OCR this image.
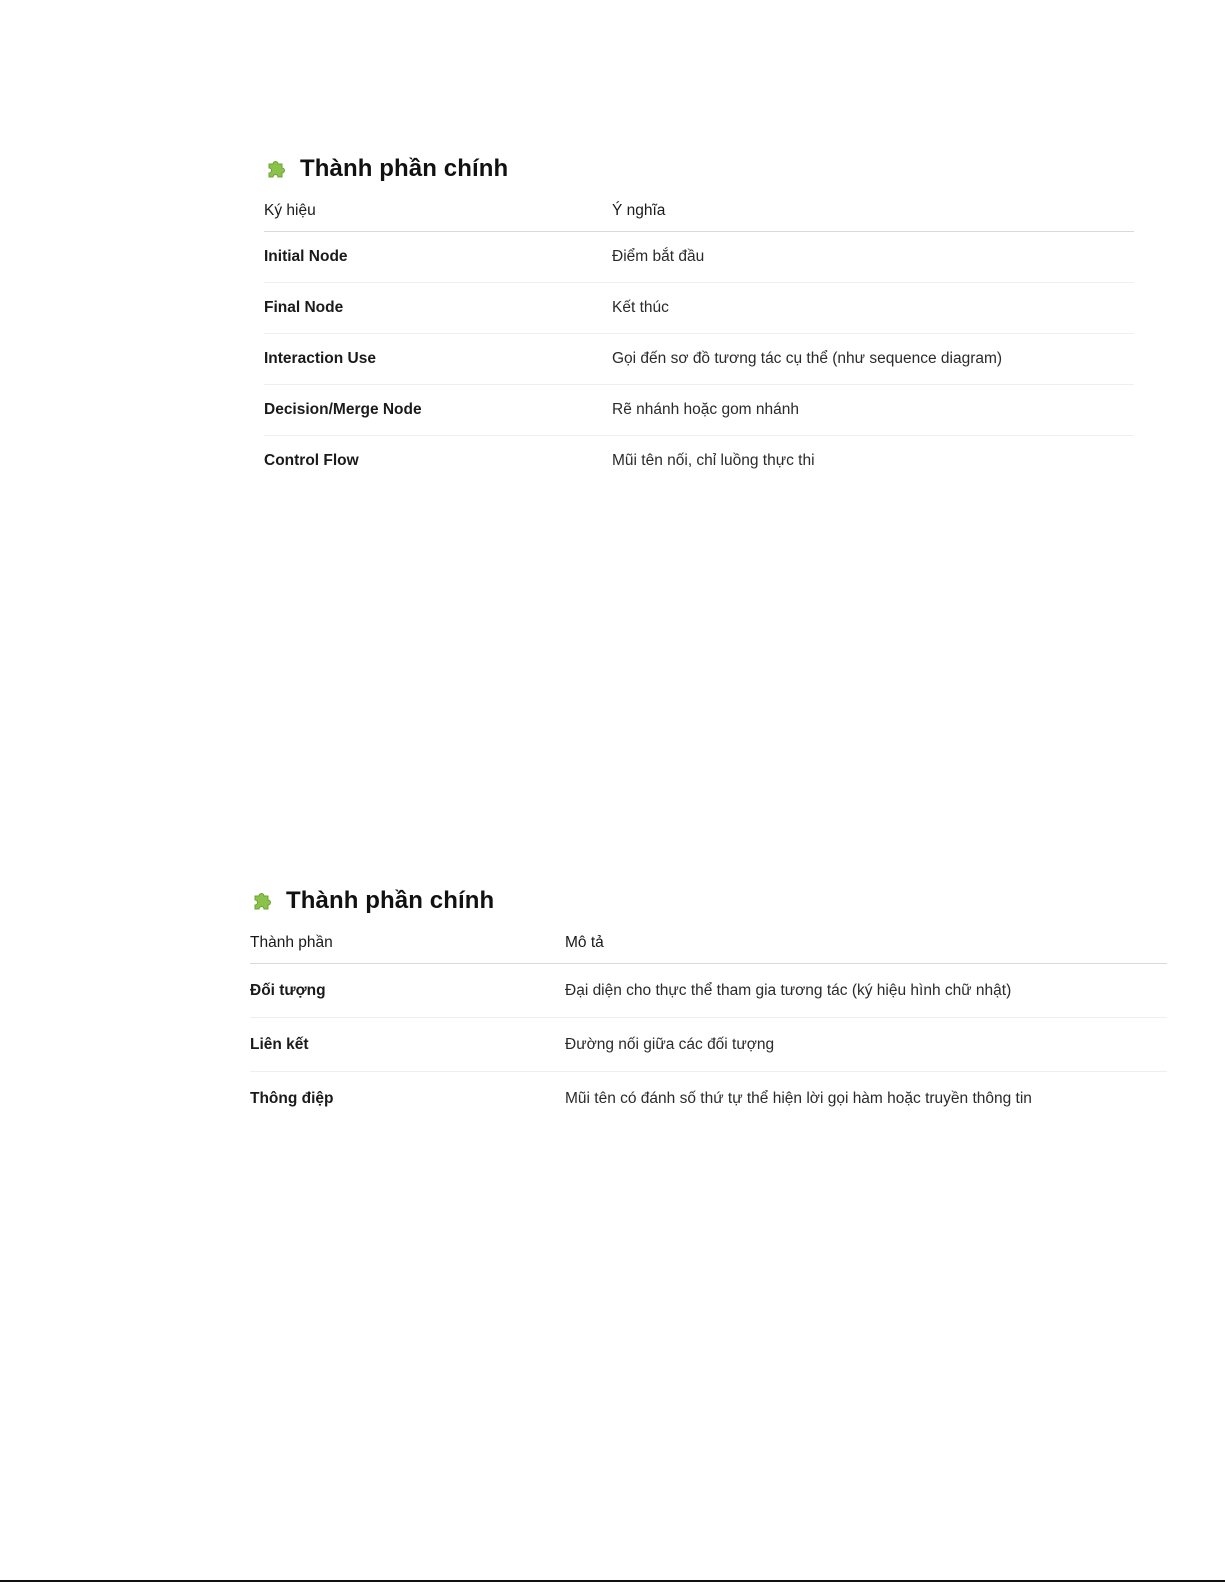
Thành phần chính
Ký hiệu	Ý nghĩa
Initial Node	Điểm bắt đầu
Final Node	Kết thúc
Interaction Use	Gọi đến sơ đồ tương tác cụ thể (như sequence diagram)
Decision/Merge Node	Rẽ nhánh hoặc gom nhánh
Control Flow	Mũi tên nối, chỉ luồng thực thi
Thành phần chính
Thành phần	Mô tả
Đối tượng	Đại diện cho thực thể tham gia tương tác (ký hiệu hình chữ nhật)
Liên kết	Đường nối giữa các đối tượng
Thông điệp	Mũi tên có đánh số thứ tự thể hiện lời gọi hàm hoặc truyền thông tin
